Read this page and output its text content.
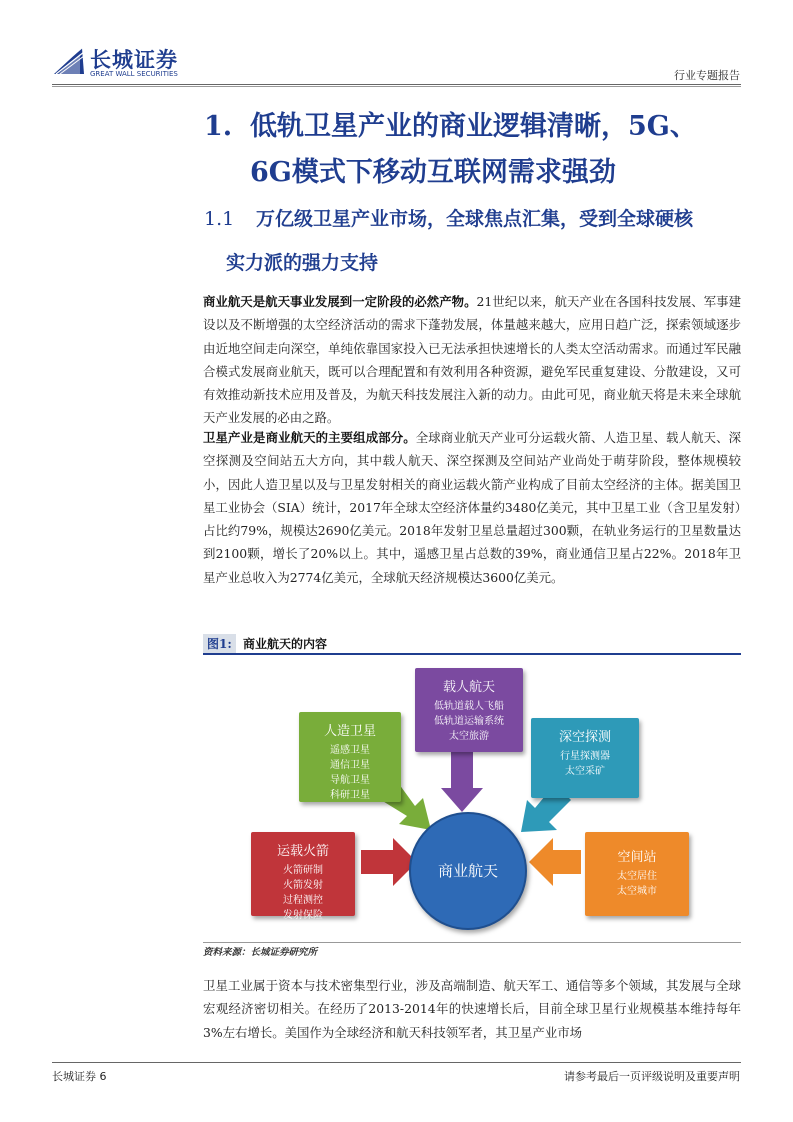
长城证券
GREAT WALL SECURITIES	行业专题报告
1. 低轨卫星产业的商业逻辑清晰，5G、
6G模式下移动互联网需求强劲
1.1 万亿级卫星产业市场，全球焦点汇集，受到全球硬核
实力派的强力支持
商业航天是航天事业发展到一定阶段的必然产物。21世纪以来，航天产业在各国科技发展、军事建设以及不断增强的太空经济活动的需求下蓬勃发展，体量越来越大，应用日趋广泛，探索领域逐步由近地空间走向深空，单纯依靠国家投入已无法承担快速增长的人类太空活动需求。而通过军民融合模式发展商业航天，既可以合理配置和有效利用各种资源，避免军民重复建设、分散建设，又可有效推动新技术应用及普及，为航天科技发展注入新的动力。由此可见，商业航天将是未来全球航天产业发展的必由之路。
卫星产业是商业航天的主要组成部分。全球商业航天产业可分运载火箭、人造卫星、载人航天、深空探测及空间站五大方向，其中载人航天、深空探测及空间站产业尚处于萌芽阶段，整体规模较小，因此人造卫星以及与卫星发射相关的商业运载火箭产业构成了目前太空经济的主体。据美国卫星工业协会（SIA）统计，2017年全球太空经济体量约3480亿美元，其中卫星工业（含卫星发射）占比约79%，规模达2690亿美元。2018年发射卫星总量超过300颗，在轨业务运行的卫星数量达到2100颗，增长了20%以上。其中，遥感卫星占总数的39%，商业通信卫星占22%。2018年卫星产业总收入为2774亿美元，全球航天经济规模达3600亿美元。
图1: 商业航天的内容
载人航天
低轨道载人飞船
低轨道运输系统
太空旅游
人造卫星
遥感卫星
通信卫星
导航卫星
科研卫星
深空探测
行星探测器
太空采矿
运载火箭
火箭研制
火箭发射
过程测控
发射保险
空间站
太空居住
太空城市
商业航天
资料来源：长城证券研究所
卫星工业属于资本与技术密集型行业，涉及高端制造、航天军工、通信等多个领域，其发展与全球宏观经济密切相关。在经历了2013-2014年的快速增长后，目前全球卫星行业规模基本维持每年3%左右增长。美国作为全球经济和航天科技领军者，其卫星产业市场
长城证券 6	请参考最后一页评级说明及重要声明
